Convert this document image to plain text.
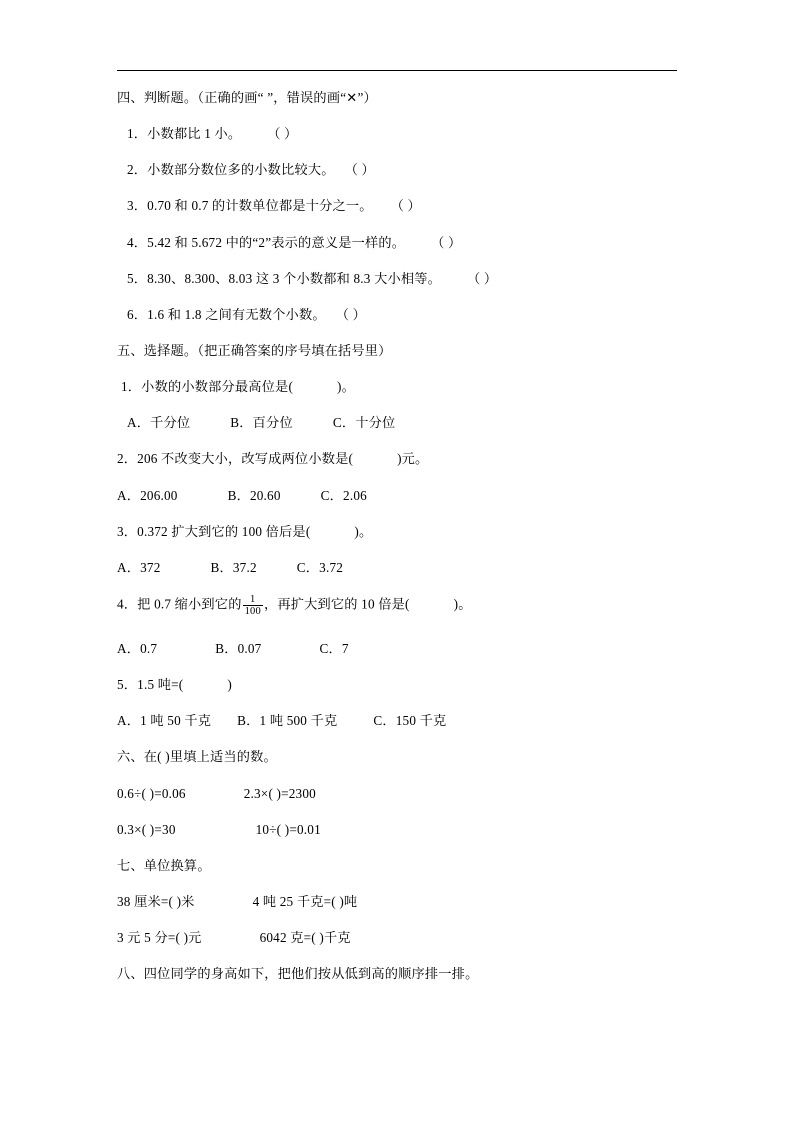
四、判断题。（正确的画“ ”，错误的画“✕”）

1．小数都比 1 小。 （ ）

2．小数部分数位多的小数比较大。 （ ）

3．0.70 和 0.7 的计数单位都是十分之一。 （ ）

4．5.42 和 5.672 中的“2”表示的意义是一样的。 （ ）

5．8.30、8.300、8.03 这 3 个小数都和 8.3 大小相等。 （ ）

6．1.6 和 1.8 之间有无数个小数。 （ ）

五、选择题。（把正确答案的序号填在括号里）

1．小数的小数部分最高位是(	)。

A．千分位	B．百分位	C．十分位

2．206 不改变大小，改写成两位小数是(	)元。

A．206.00	B．20.60	C．2.06

3．0.372 扩大到它的 100 倍后是(	)。

A．372	B．37.2	C．3.72

4．把 0.7 缩小到它的 $\frac{1}{100}$ ，再扩大到它的 10 倍是(	)。

A．0.7	B．0.07	C．7

5．1.5 吨=(	)

A．1 吨 50 千克 B．1 吨 500 千克	C．150 千克

六、在( )里填上适当的数。

0.6÷( )=0.06	2.3×( )=2300

0.3×( )=30	10÷( )=0.01

七、单位换算。

38 厘米=( )米	4 吨 25 千克=( )吨

3 元 5 分=( )元	6042 克=( )千克

八、四位同学的身高如下，把他们按从低到高的顺序排一排。
